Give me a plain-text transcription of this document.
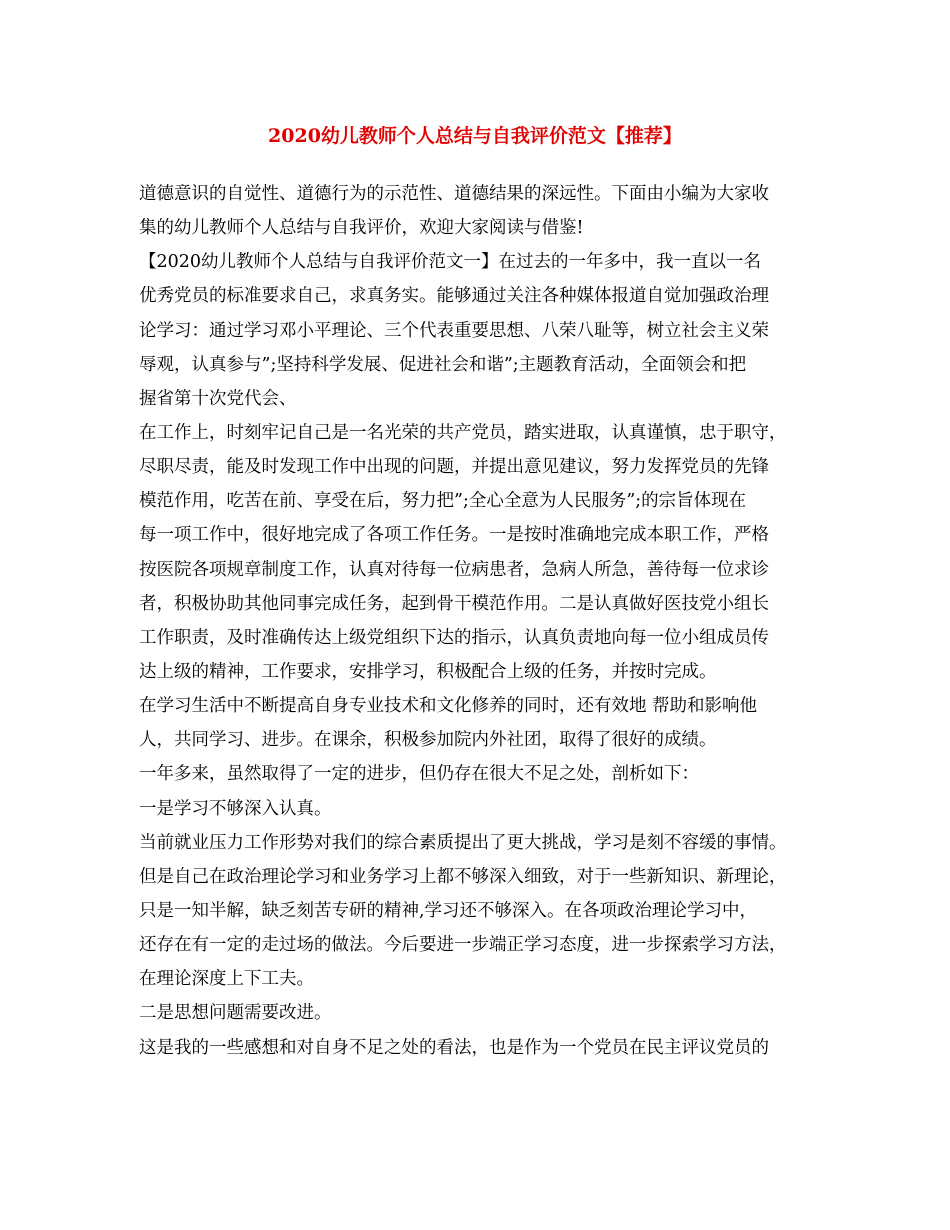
2020幼儿教师个人总结与自我评价范文【推荐】
道德意识的自觉性、道德行为的示范性、道德结果的深远性。下面由小编为大家收
集的幼儿教师个人总结与自我评价，欢迎大家阅读与借鉴!
【2020幼儿教师个人总结与自我评价范文一】在过去的一年多中，我一直以一名
优秀党员的标准要求自己，求真务实。能够通过关注各种媒体报道自觉加强政治理
论学习：通过学习邓小平理论、三个代表重要思想、八荣八耻等，树立社会主义荣
辱观，认真参与”;坚持科学发展、促进社会和谐”;主题教育活动，全面领会和把
握省第十次党代会、
在工作上，时刻牢记自己是一名光荣的共产党员，踏实进取，认真谨慎，忠于职守，
尽职尽责，能及时发现工作中出现的问题，并提出意见建议，努力发挥党员的先锋
模范作用，吃苦在前、享受在后，努力把”;全心全意为人民服务”;的宗旨体现在
每一项工作中，很好地完成了各项工作任务。一是按时准确地完成本职工作，严格
按医院各项规章制度工作，认真对待每一位病患者，急病人所急，善待每一位求诊
者，积极协助其他同事完成任务，起到骨干模范作用。二是认真做好医技党小组长
工作职责，及时准确传达上级党组织下达的指示，认真负责地向每一位小组成员传
达上级的精神，工作要求，安排学习，积极配合上级的任务，并按时完成。
在学习生活中不断提高自身专业技术和文化修养的同时，还有效地 帮助和影响他
人，共同学习、进步。在课余，积极参加院内外社团，取得了很好的成绩。
一年多来，虽然取得了一定的进步，但仍存在很大不足之处，剖析如下：
一是学习不够深入认真。
当前就业压力工作形势对我们的综合素质提出了更大挑战，学习是刻不容缓的事情。
但是自己在政治理论学习和业务学习上都不够深入细致，对于一些新知识、新理论，
只是一知半解，缺乏刻苦专研的精神,学习还不够深入。在各项政治理论学习中，
还存在有一定的走过场的做法。今后要进一步端正学习态度，进一步探索学习方法，
在理论深度上下工夫。
二是思想问题需要改进。
这是我的一些感想和对自身不足之处的看法，也是作为一个党员在民主评议党员的
